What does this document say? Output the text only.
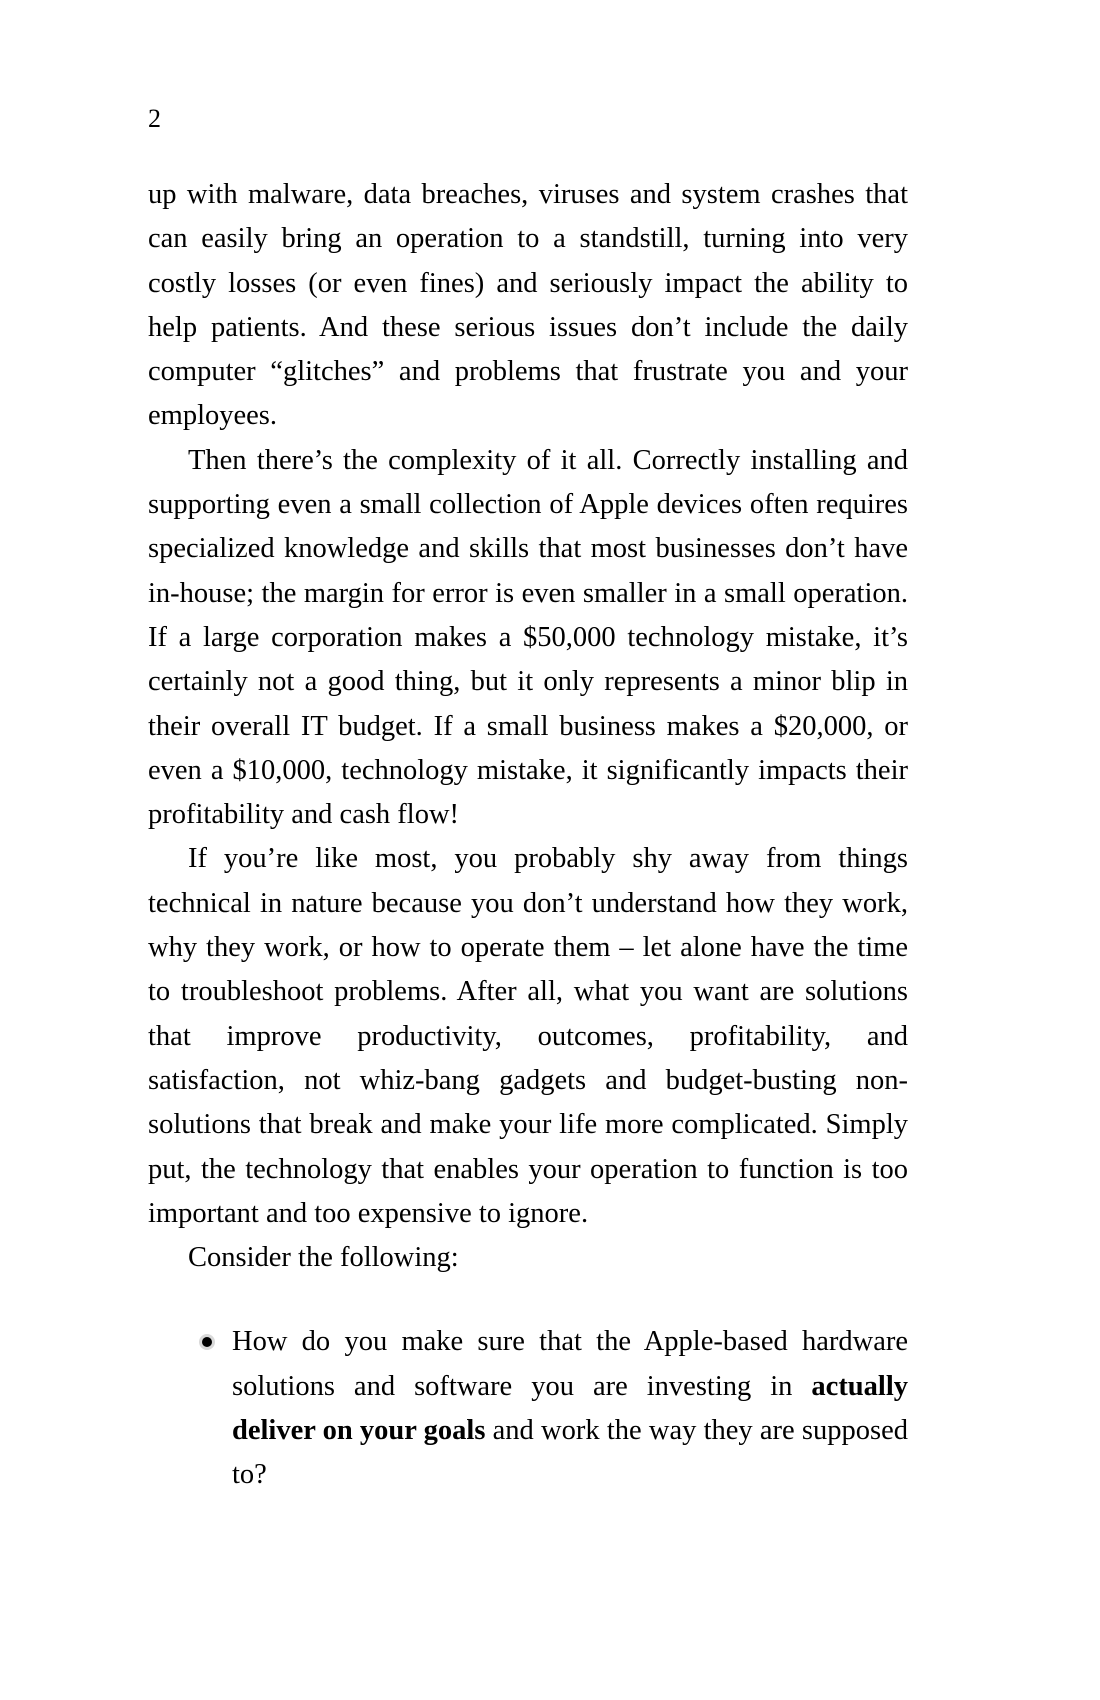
2

up with malware, data breaches, viruses and system crashes that can easily bring an operation to a standstill, turning into very costly losses (or even fines) and seriously impact the ability to help patients. And these serious issues don’t include the daily computer “glitches” and problems that frustrate you and your employees.

Then there’s the complexity of it all. Correctly installing and supporting even a small collection of Apple devices often requires specialized knowledge and skills that most businesses don’t have in-house; the margin for error is even smaller in a small operation. If a large corporation makes a $50,000 technology mistake, it’s certainly not a good thing, but it only represents a minor blip in their overall IT budget. If a small business makes a $20,000, or even a $10,000, technology mistake, it significantly impacts their profitability and cash flow!

If you’re like most, you probably shy away from things technical in nature because you don’t understand how they work, why they work, or how to operate them – let alone have the time to troubleshoot problems. After all, what you want are solutions that improve productivity, outcomes, profitability, and satisfaction, not whiz-bang gadgets and budget-busting non-solutions that break and make your life more complicated. Simply put, the technology that enables your operation to function is too important and too expensive to ignore.

Consider the following:

How do you make sure that the Apple-based hardware solutions and software you are investing in actually deliver on your goals and work the way they are supposed to?
